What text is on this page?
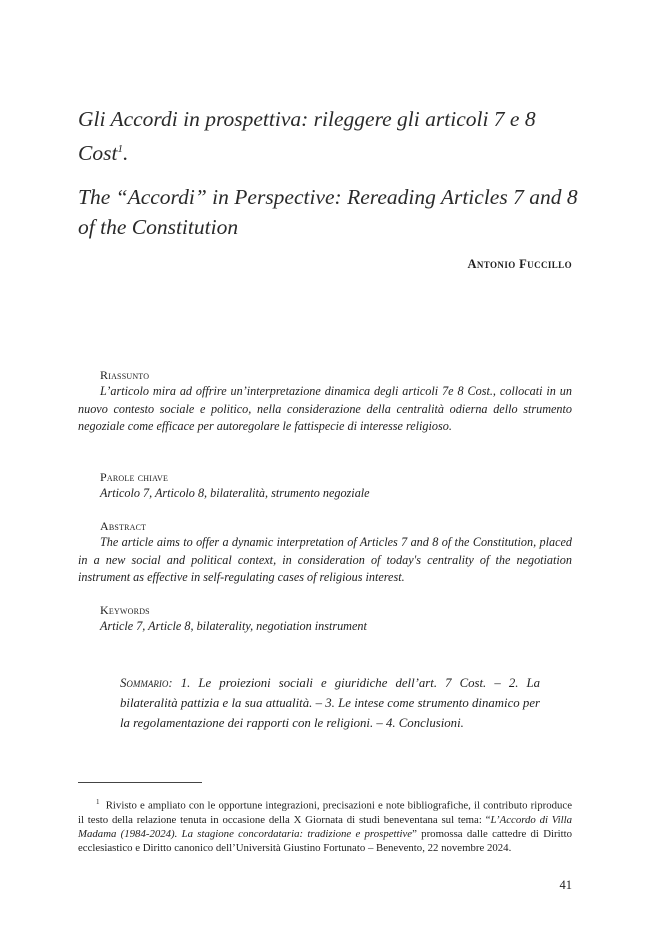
Gli Accordi in prospettiva: rileggere gli articoli 7 e 8 Cost$^1$.
The “Accordi” in Perspective: Rereading Articles 7 and 8 of the Constitution
Antonio Fuccillo
Riassunto
L’articolo mira ad offrire un’interpretazione dinamica degli articoli 7e 8 Cost., collocati in un nuovo contesto sociale e politico, nella considerazione della centralità odierna dello strumento negoziale come efficace per autoregolare le fattispecie di interesse religioso.
Parole chiave
Articolo 7, Articolo 8, bilateralità, strumento negoziale
Abstract
The article aims to offer a dynamic interpretation of Articles 7 and 8 of the Constitution, placed in a new social and political context, in consideration of today's centrality of the negotiation instrument as effective in self-regulating cases of religious interest.
Keywords
Article 7, Article 8, bilaterality, negotiation instrument
Sommario: 1. Le proiezioni sociali e giuridiche dell’art. 7 Cost. – 2. La bilateralità pattizia e la sua attualità. – 3. Le intese come strumento dinamico per la regolamentazione dei rapporti con le religioni. – 4. Conclusioni.
$^1$ Rivisto e ampliato con le opportune integrazioni, precisazioni e note bibliografiche, il contributo riproduce il testo della relazione tenuta in occasione della X Giornata di studi beneventana sul tema: “L’Accordo di Villa Madama (1984-2024). La stagione concordataria: tradizione e prospettive” promossa dalle cattedre di Diritto ecclesiastico e Diritto canonico dell’Università Giustino Fortunato – Benevento, 22 novembre 2024.
41
